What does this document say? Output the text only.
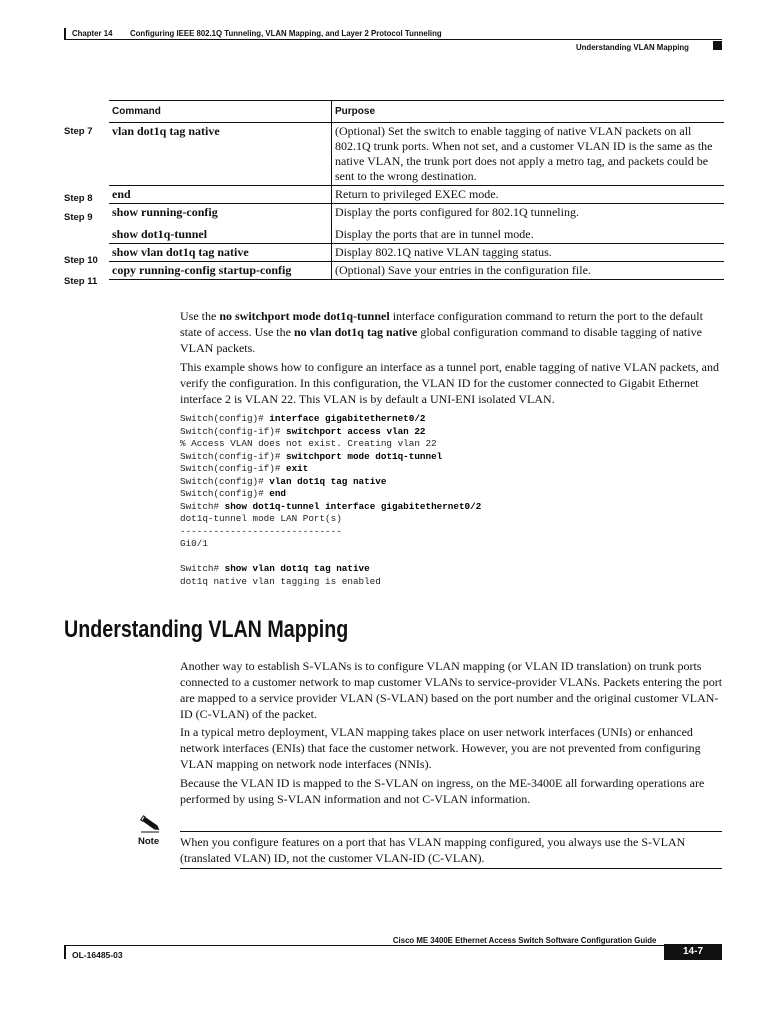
Chapter 14 Configuring IEEE 802.1Q Tunneling, VLAN Mapping, and Layer 2 Protocol Tunneling
Understanding VLAN Mapping
Step 7
Step 8
Step 9
Step 10
Step 11
Command	Purpose
vlan dot1q tag native	(Optional) Set the switch to enable tagging of native VLAN packets on all 802.1Q trunk ports. When not set, and a customer VLAN ID is the same as the native VLAN, the trunk port does not apply a metro tag, and packets could be sent to the wrong destination.
end	Return to privileged EXEC mode.
show running-config	Display the ports configured for 802.1Q tunneling.
show dot1q-tunnel	Display the ports that are in tunnel mode.
show vlan dot1q tag native	Display 802.1Q native VLAN tagging status.
copy running-config startup-config	(Optional) Save your entries in the configuration file.

Use the no switchport mode dot1q-tunnel interface configuration command to return the port to the default state of access. Use the no vlan dot1q tag native global configuration command to disable tagging of native VLAN packets.

This example shows how to configure an interface as a tunnel port, enable tagging of native VLAN packets, and verify the configuration. In this configuration, the VLAN ID for the customer connected to Gigabit Ethernet interface 2 is VLAN 22. This VLAN is by default a UNI-ENI isolated VLAN.

Switch(config)# interface gigabitethernet0/2
Switch(config-if)# switchport access vlan 22
% Access VLAN does not exist. Creating vlan 22
Switch(config-if)# switchport mode dot1q-tunnel
Switch(config-if)# exit
Switch(config)# vlan dot1q tag native
Switch(config)# end
Switch# show dot1q-tunnel interface gigabitethernet0/2
dot1q-tunnel mode LAN Port(s)
-----------------------------
Gi0/1

Switch# show vlan dot1q tag native
dot1q native vlan tagging is enabled
Understanding VLAN Mapping

Another way to establish S-VLANs is to configure VLAN mapping (or VLAN ID translation) on trunk ports connected to a customer network to map customer VLANs to service-provider VLANs. Packets entering the port are mapped to a service provider VLAN (S-VLAN) based on the port number and the original customer VLAN-ID (C-VLAN) of the packet.

In a typical metro deployment, VLAN mapping takes place on user network interfaces (UNIs) or enhanced network interfaces (ENIs) that face the customer network. However, you are not prevented from configuring VLAN mapping on network node interfaces (NNIs).

Because the VLAN ID is mapped to the S-VLAN on ingress, on the ME-3400E all forwarding operations are performed by using S-VLAN information and not C-VLAN information.

Note When you configure features on a port that has VLAN mapping configured, you always use the S-VLAN (translated VLAN) ID, not the customer VLAN-ID (C-VLAN).
Cisco ME 3400E Ethernet Access Switch Software Configuration Guide
OL-16485-03	14-7
